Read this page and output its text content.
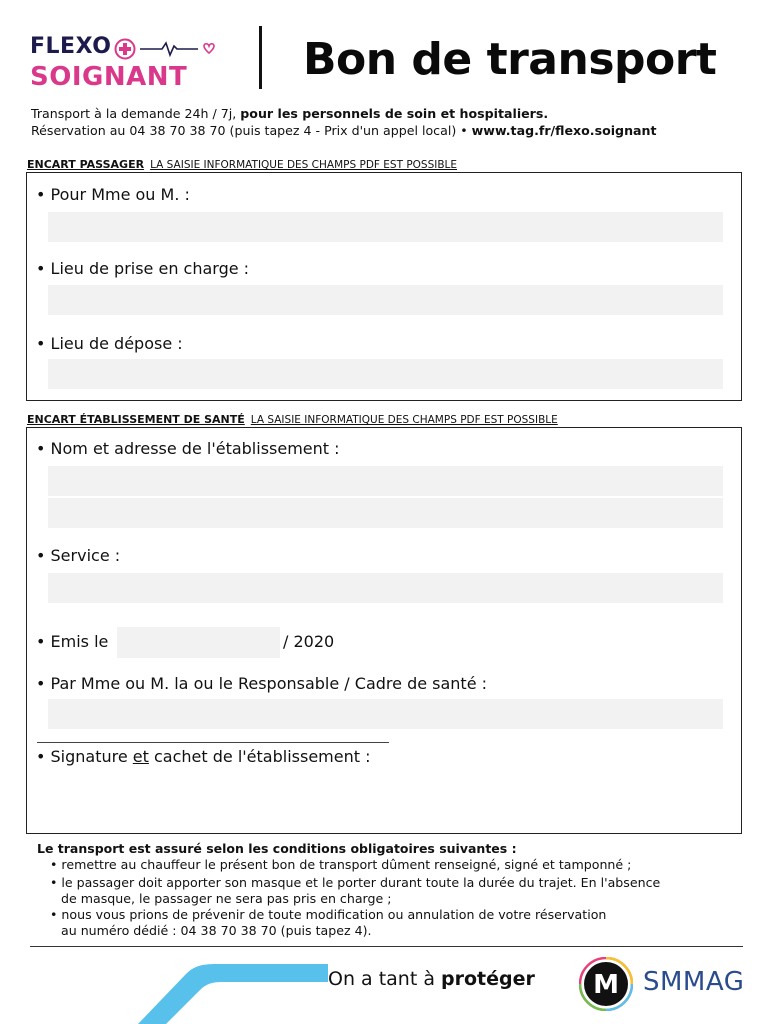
FLEXO
SOIGNANT	Bon de transport
Transport à la demande 24h / 7j, pour les personnels de soin et hospitaliers.
Réservation au 04 38 70 38 70 (puis tapez 4 - Prix d'un appel local) • www.tag.fr/flexo.soignant
ENCART PASSAGER LA SAISIE INFORMATIQUE DES CHAMPS PDF EST POSSIBLE
• Pour Mme ou M. :
• Lieu de prise en charge :
• Lieu de dépose :
ENCART ÉTABLISSEMENT DE SANTÉ LA SAISIE INFORMATIQUE DES CHAMPS PDF EST POSSIBLE
• Nom et adresse de l'établissement :
• Service :
• Emis le	/ 2020
• Par Mme ou M. la ou le Responsable / Cadre de santé :
• Signature et cachet de l'établissement :
Le transport est assuré selon les conditions obligatoires suivantes :
• remettre au chauffeur le présent bon de transport dûment renseigné, signé et tamponné ;
• le passager doit apporter son masque et le porter durant toute la durée du trajet. En l'absence
de masque, le passager ne sera pas pris en charge ;
• nous vous prions de prévenir de toute modification ou annulation de votre réservation
au numéro dédié : 04 38 70 38 70 (puis tapez 4).
On a tant à protéger M SMMAG
